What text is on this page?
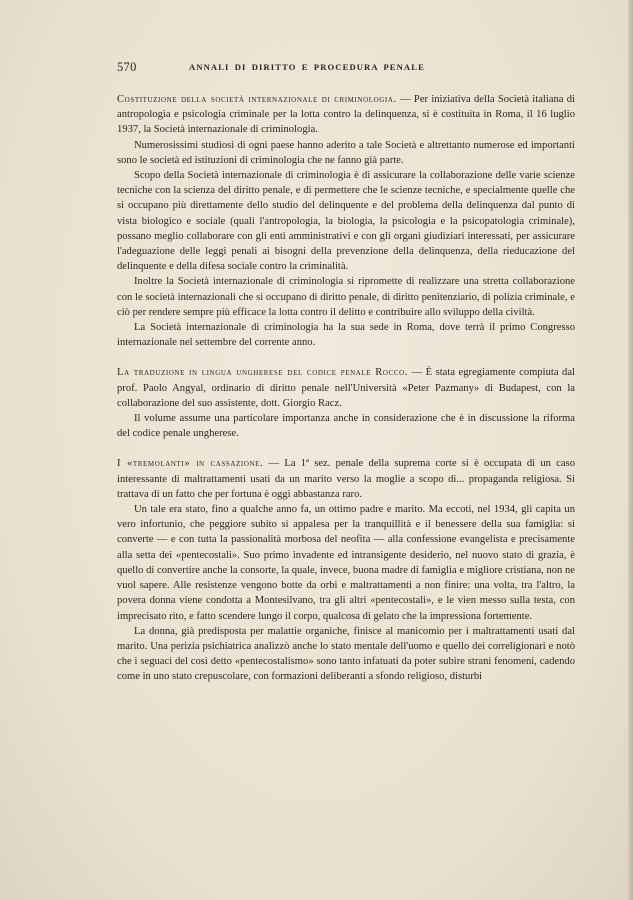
570	ANNALI DI DIRITTO E PROCEDURA PENALE

Costituzione della società internazionale di criminologia. — Per iniziativa della Società italiana di antropologia e psicologia criminale per la lotta contro la delinquenza, si è costituita in Roma, il 16 luglio 1937, la Società internazionale di criminologia.

Numerosissimi studiosi di ogni paese hanno aderito a tale Società e altrettanto numerose ed importanti sono le società ed istituzioni di criminologia che ne fanno già parte.

Scopo della Società internazionale di criminologia è di assicurare la collaborazione delle varie scienze tecniche con la scienza del diritto penale, e di permettere che le scienze tecniche, e specialmente quelle che si occupano più direttamente dello studio del delinquente e del problema della delinquenza dal punto di vista biologico e sociale (quali l'antropologia, la biologia, la psicologia e la psicopatologia criminale), possano meglio collaborare con gli enti amministrativi e con gli organi giudiziari interessati, per assicurare l'adeguazione delle leggi penali ai bisogni della prevenzione della delinquenza, della rieducazione del delinquente e della difesa sociale contro la criminalità.

Inoltre la Società internazionale di criminologia si ripromette di realizzare una stretta collaborazione con le società internazionali che si occupano di diritto penale, di diritto penitenziario, di polizia criminale, e ciò per rendere sempre più efficace la lotta contro il delitto e contribuire allo sviluppo della civiltà.

La Società internazionale di criminologia ha la sua sede in Roma, dove terrà il primo Congresso internazionale nel settembre del corrente anno.

La traduzione in lingua ungherese del codice penale Rocco. — È stata egregiamente compiuta dal prof. Paolo Angyal, ordinario di diritto penale nell'Università «Peter Pazmany» di Budapest, con la collaborazione del suo assistente, dott. Giorgio Racz.

Il volume assume una particolare importanza anche in considerazione che è in discussione la riforma del codice penale ungherese.

I «tremolanti» in cassazione. — La 1ª sez. penale della suprema corte si è occupata di un caso interessante di maltrattamenti usati da un marito verso la moglie a scopo di... propaganda religiosa. Si trattava di un fatto che per fortuna è oggi abbastanza raro.

Un tale era stato, fino a qualche anno fa, un ottimo padre e marito. Ma eccoti, nel 1934, gli capita un vero infortunio, che peggiore subito si appalesa per la tranquillità e il benessere della sua famiglia: si converte — e con tutta la passionalità morbosa del neofita — alla confessione evangelista e precisamente alla setta dei «pentecostali». Suo primo invadente ed intransigente desiderio, nel nuovo stato di grazia, è quello di convertire anche la consorte, la quale, invece, buona madre di famiglia e migliore cristiana, non ne vuol sapere. Alle resistenze vengono botte da orbi e maltrattamenti a non finire: una volta, tra l'altro, la povera donna viene condotta a Montesilvano, tra gli altri «pentecostali», e le vien messo sulla testa, con imprecisato rito, e fatto scendere lungo il corpo, qualcosa di gelato che la impressiona fortemente.

La donna, già predisposta per malattie organiche, finisce al manicomio per i maltrattamenti usati dal marito. Una perizia psichiatrica analizzò anche lo stato mentale dell'uomo e quello dei correligionari e notò che i seguaci del così detto «pentecostalismo» sono tanto infatuati da poter subire strani fenomeni, cadendo come in uno stato crepuscolare, con formazioni deliberanti a sfondo religioso, disturbi
